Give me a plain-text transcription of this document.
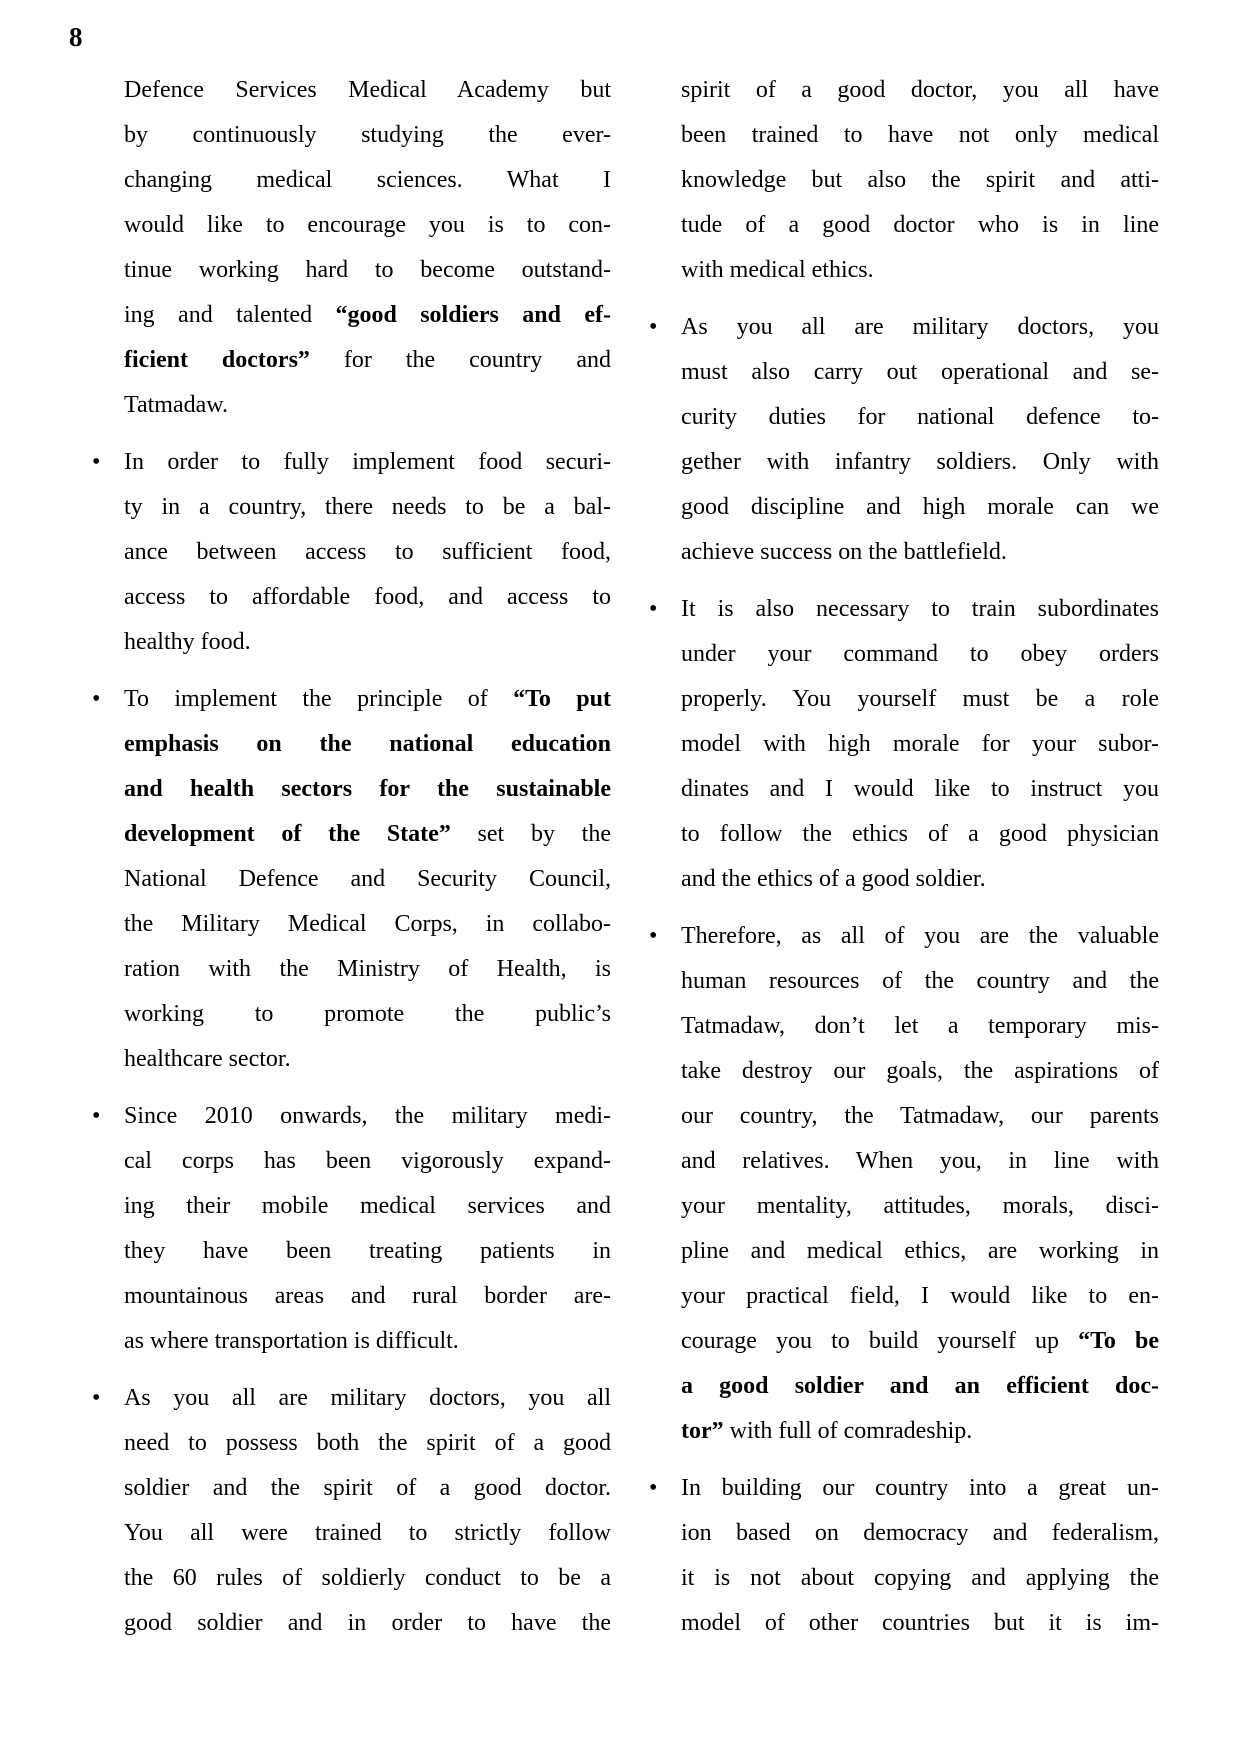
8
Defence Services Medical Academy but
by continuously studying the ever-
changing medical sciences. What I
would like to encourage you is to con-
tinue working hard to become outstand-
ing and talented “good soldiers and ef-
ficient doctors” for the country and
Tatmadaw.
• In order to fully implement food securi-
ty in a country, there needs to be a bal-
ance between access to sufficient food,
access to affordable food, and access to
healthy food.
• To implement the principle of “To put
emphasis on the national education
and health sectors for the sustainable
development of the State” set by the
National Defence and Security Council,
the Military Medical Corps, in collabo-
ration with the Ministry of Health, is
working to promote the public’s
healthcare sector.
• Since 2010 onwards, the military medi-
cal corps has been vigorously expand-
ing their mobile medical services and
they have been treating patients in
mountainous areas and rural border are-
as where transportation is difficult.
• As you all are military doctors, you all
need to possess both the spirit of a good
soldier and the spirit of a good doctor.
You all were trained to strictly follow
the 60 rules of soldierly conduct to be a
good soldier and in order to have the
spirit of a good doctor, you all have
been trained to have not only medical
knowledge but also the spirit and atti-
tude of a good doctor who is in line
with medical ethics.
• As you all are military doctors, you
must also carry out operational and se-
curity duties for national defence to-
gether with infantry soldiers. Only with
good discipline and high morale can we
achieve success on the battlefield.
• It is also necessary to train subordinates
under your command to obey orders
properly. You yourself must be a role
model with high morale for your subor-
dinates and I would like to instruct you
to follow the ethics of a good physician
and the ethics of a good soldier.
• Therefore, as all of you are the valuable
human resources of the country and the
Tatmadaw, don’t let a temporary mis-
take destroy our goals, the aspirations of
our country, the Tatmadaw, our parents
and relatives. When you, in line with
your mentality, attitudes, morals, disci-
pline and medical ethics, are working in
your practical field, I would like to en-
courage you to build yourself up “To be
a good soldier and an efficient doc-
tor” with full of comradeship.
• In building our country into a great un-
ion based on democracy and federalism,
it is not about copying and applying the
model of other countries but it is im-
